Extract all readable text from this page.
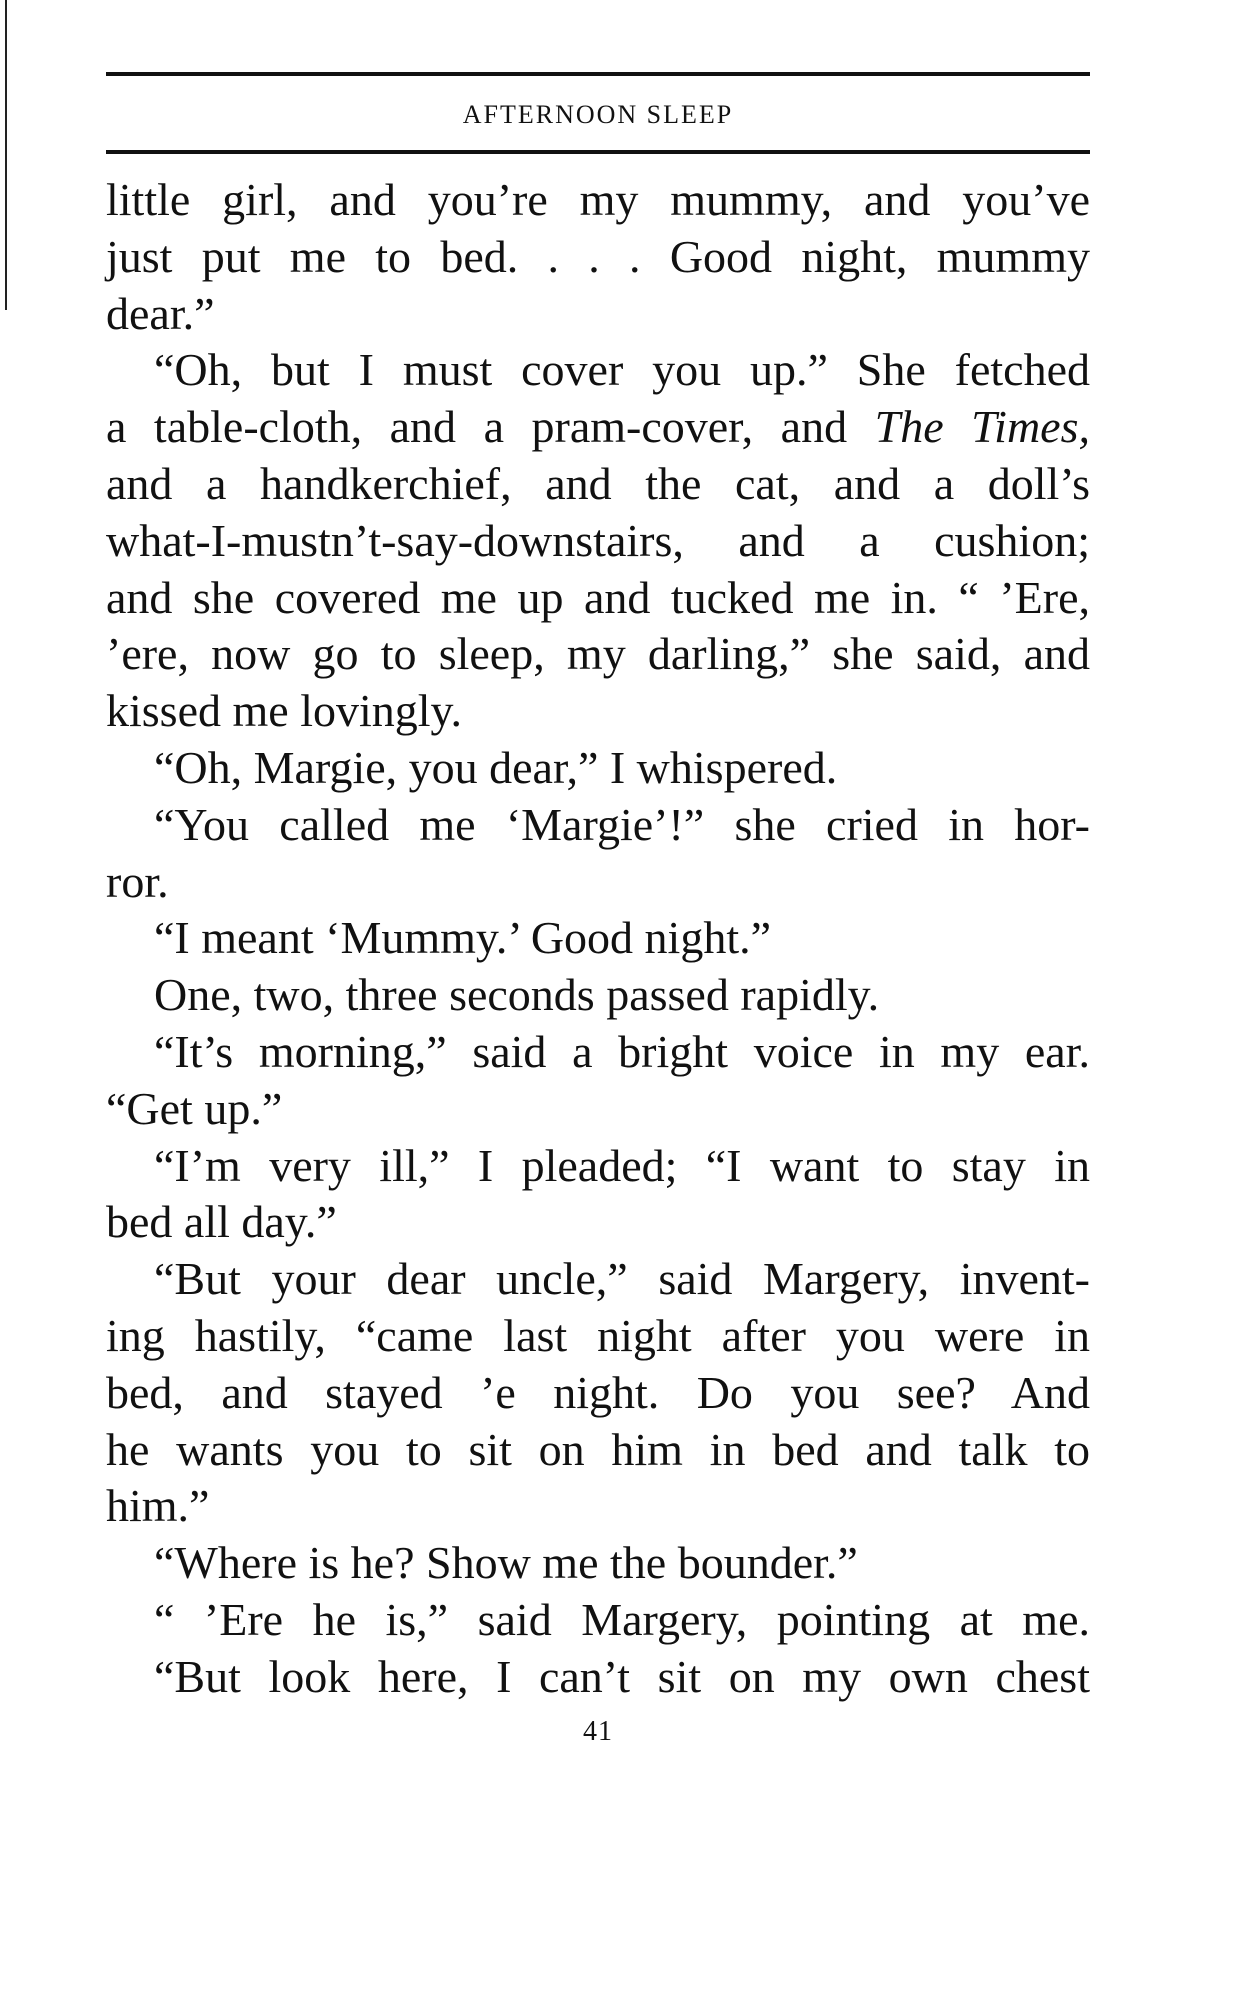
AFTERNOON SLEEP
little girl, and you’re my mummy, and you’ve
just put me to bed. . . . Good night, mummy
dear.”
“Oh, but I must cover you up.” She fetched
a table-cloth, and a pram-cover, and The Times,
and a handkerchief, and the cat, and a doll’s
what-I-mustn’t-say-downstairs, and a cushion;
and she covered me up and tucked me in. “ ’Ere,
’ere, now go to sleep, my darling,” she said, and
kissed me lovingly.
“Oh, Margie, you dear,” I whispered.
“You called me ‘Margie’!” she cried in hor-
ror.
“I meant ‘Mummy.’ Good night.”
One, two, three seconds passed rapidly.
“It’s morning,” said a bright voice in my ear.
“Get up.”
“I’m very ill,” I pleaded; “I want to stay in
bed all day.”
“But your dear uncle,” said Margery, invent-
ing hastily, “came last night after you were in
bed, and stayed ’e night. Do you see? And
he wants you to sit on him in bed and talk to
him.”
“Where is he? Show me the bounder.”
“ ’Ere he is,” said Margery, pointing at me.
“But look here, I can’t sit on my own chest
41
